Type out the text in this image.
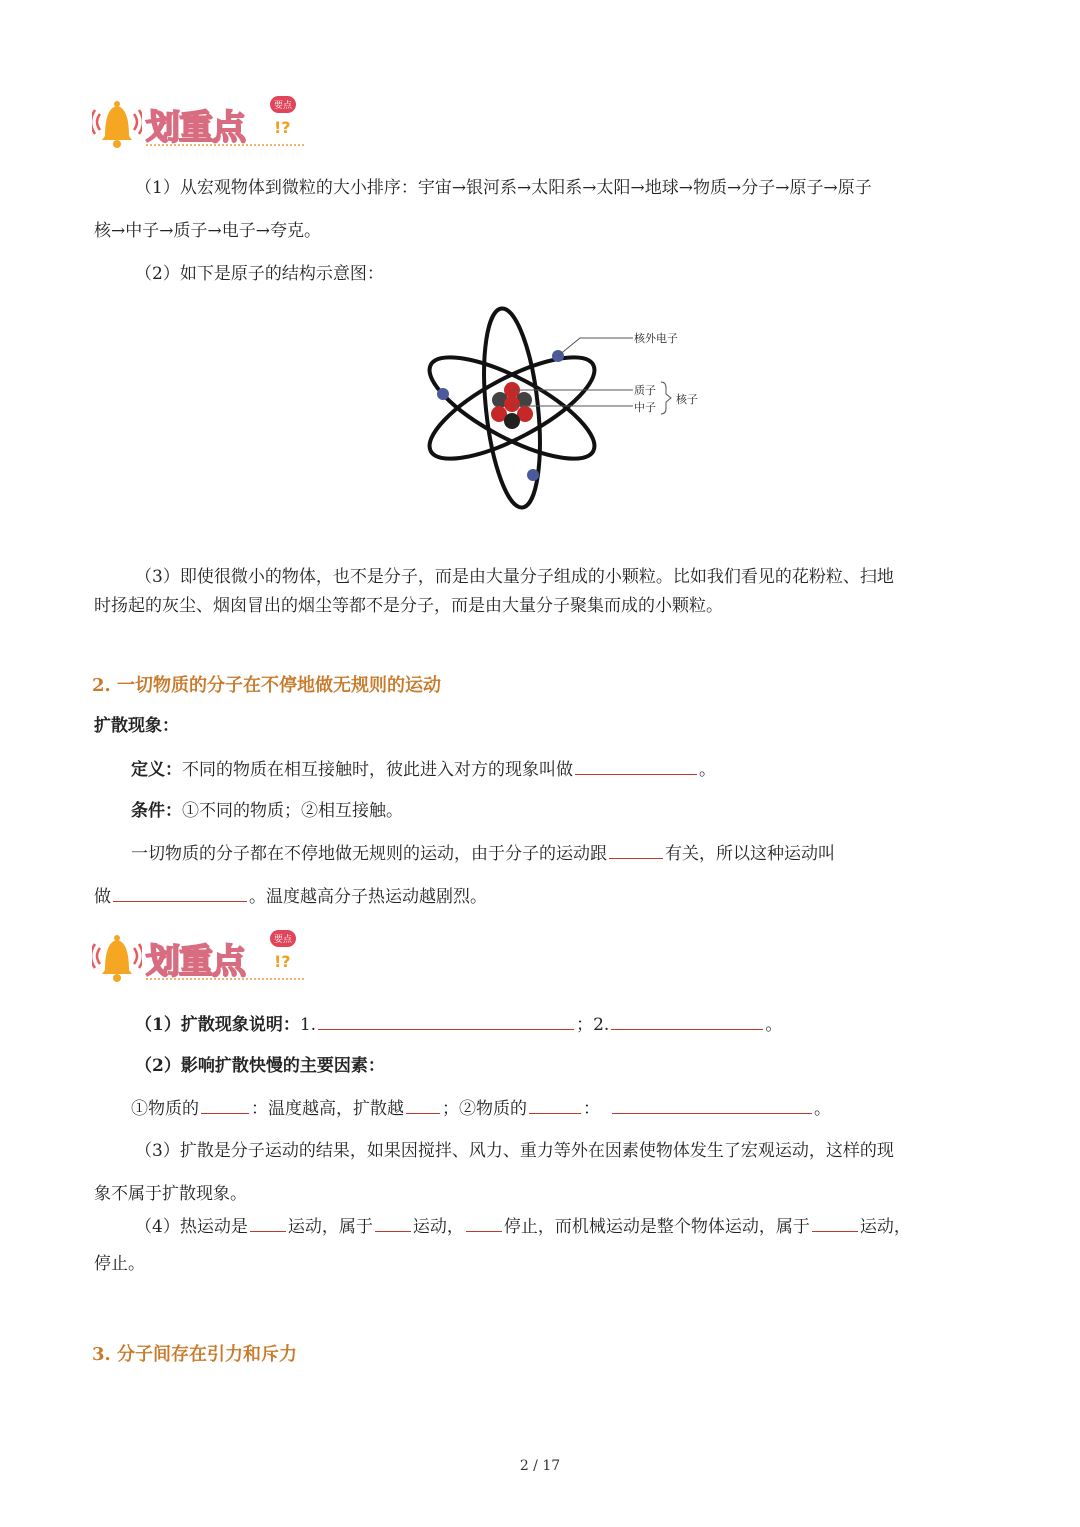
划重点
要点
!?
（1）从宏观物体到微粒的大小排序：宇宙→银河系→太阳系→太阳→地球→物质→分子→原子→原子
核→中子→质子→电子→夸克。
（2）如下是原子的结构示意图：
核外电子
质子
中子
核子
（3）即使很微小的物体，也不是分子，而是由大量分子组成的小颗粒。比如我们看见的花粉粒、扫地
时扬起的灰尘、烟囱冒出的烟尘等都不是分子，而是由大量分子聚集而成的小颗粒。
2. 一切物质的分子在不停地做无规则的运动
扩散现象：
定义：不同的物质在相互接触时，彼此进入对方的现象叫做	。
条件：①不同的物质；②相互接触。
一切物质的分子都在不停地做无规则的运动，由于分子的运动跟	有关，所以这种运动叫
做	。温度越高分子热运动越剧烈。
划重点
要点
!?
（1）扩散现象说明：1.	；2.	。
（2）影响扩散快慢的主要因素：
①物质的	：温度越高，扩散越 ；②物质的	：	。
（3）扩散是分子运动的结果，如果因搅拌、风力、重力等外在因素使物体发生了宏观运动，这样的现
象不属于扩散现象。
（4）热运动是 运动，属于 运动， 停止，而机械运动是整个物体运动，属于	运动，
停止。
3. 分子间存在引力和斥力
2 / 17
